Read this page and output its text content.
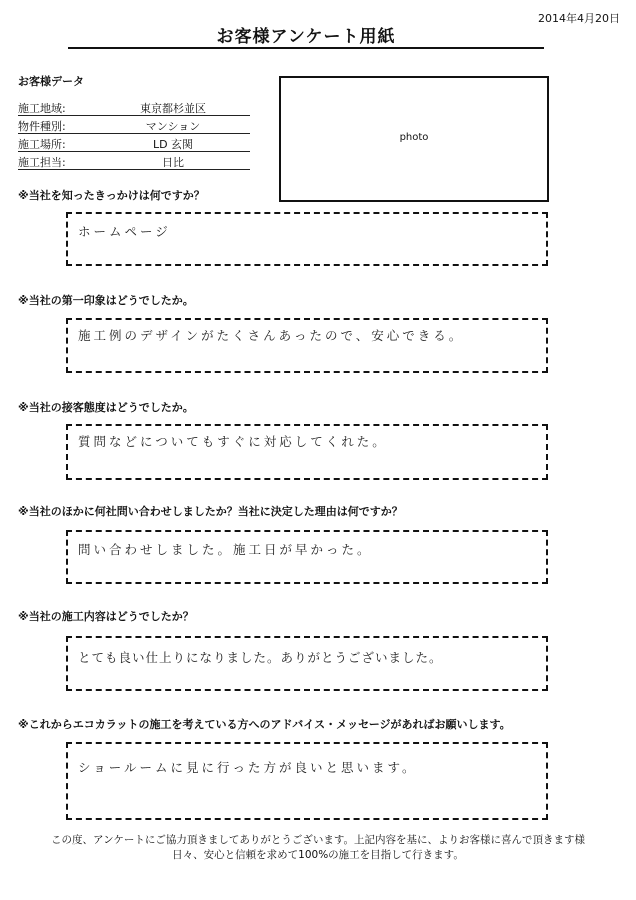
2014年4月20日
お客様アンケート用紙
お客様データ
施工地域:	東京都杉並区
物件種別:	マンション
施工場所:	LD 玄関
施工担当:	日比
photo
※当社を知ったきっかけは何ですか？
ホームページ
※当社の第一印象はどうでしたか。
施工例のデザインがたくさんあったので、安心できる。
※当社の接客態度はどうでしたか。
質問などについてもすぐに対応してくれた。
※当社のほかに何社問い合わせしましたか？当社に決定した理由は何ですか？
問い合わせしました。施工日が早かった。
※当社の施工内容はどうでしたか？
とても良い仕上りになりました。ありがとうございました。
※これからエコカラットの施工を考えている方へのアドバイス・メッセージがあればお願いします。
ショールームに見に行った方が良いと思います。
この度、アンケートにご協力頂きましてありがとうございます。上記内容を基に、よりお客様に喜んで頂きます様
日々、安心と信頼を求めて100%の施工を目指して行きます。
